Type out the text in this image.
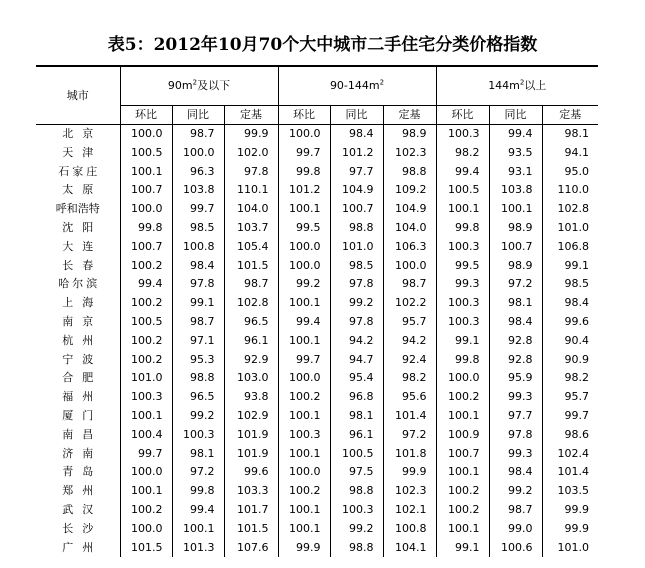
表5：2012年10月70个大中城市二手住宅分类价格指数
城市	$90m^2$及以下			$90-144m^2$			$144m^2$以上		
	环比	同比	定基	环比	同比	定基	环比	同比	定基
北京	100.0	98.7	99.9	100.0	98.4	98.9	100.3	99.4	98.1
天津	100.5	100.0	102.0	99.7	101.2	102.3	98.2	93.5	94.1
石家庄	100.1	96.3	97.8	99.8	97.7	98.8	99.4	93.1	95.0
太原	100.7	103.8	110.1	101.2	104.9	109.2	100.5	103.8	110.0
呼和浩特	100.0	99.7	104.0	100.1	100.7	104.9	100.1	100.1	102.8
沈阳	99.8	98.5	103.7	99.5	98.8	104.0	99.8	98.9	101.0
大连	100.7	100.8	105.4	100.0	101.0	106.3	100.3	100.7	106.8
长春	100.2	98.4	101.5	100.0	98.5	100.0	99.5	98.9	99.1
哈尔滨	99.4	97.8	98.7	99.2	97.8	98.7	99.3	97.2	98.5
上海	100.2	99.1	102.8	100.1	99.2	102.2	100.3	98.1	98.4
南京	100.5	98.7	96.5	99.4	97.8	95.7	100.3	98.4	99.6
杭州	100.2	97.1	96.1	100.1	94.2	94.2	99.1	92.8	90.4
宁波	100.2	95.3	92.9	99.7	94.7	92.4	99.8	92.8	90.9
合肥	101.0	98.8	103.0	100.0	95.4	98.2	100.0	95.9	98.2
福州	100.3	96.5	93.8	100.2	96.8	95.6	100.2	99.3	95.7
厦门	100.1	99.2	102.9	100.1	98.1	101.4	100.1	97.7	99.7
南昌	100.4	100.3	101.9	100.3	96.1	97.2	100.9	97.8	98.6
济南	99.7	98.1	101.9	100.1	100.5	101.8	100.7	99.3	102.4
青岛	100.0	97.2	99.6	100.0	97.5	99.9	100.1	98.4	101.4
郑州	100.1	99.8	103.3	100.2	98.8	102.3	100.2	99.2	103.5
武汉	100.2	99.4	101.7	100.1	100.3	102.1	100.2	98.7	99.9
长沙	100.0	100.1	101.5	100.1	99.2	100.8	100.1	99.0	99.9
广州	101.5	101.3	107.6	99.9	98.8	104.1	99.1	100.6	101.0
